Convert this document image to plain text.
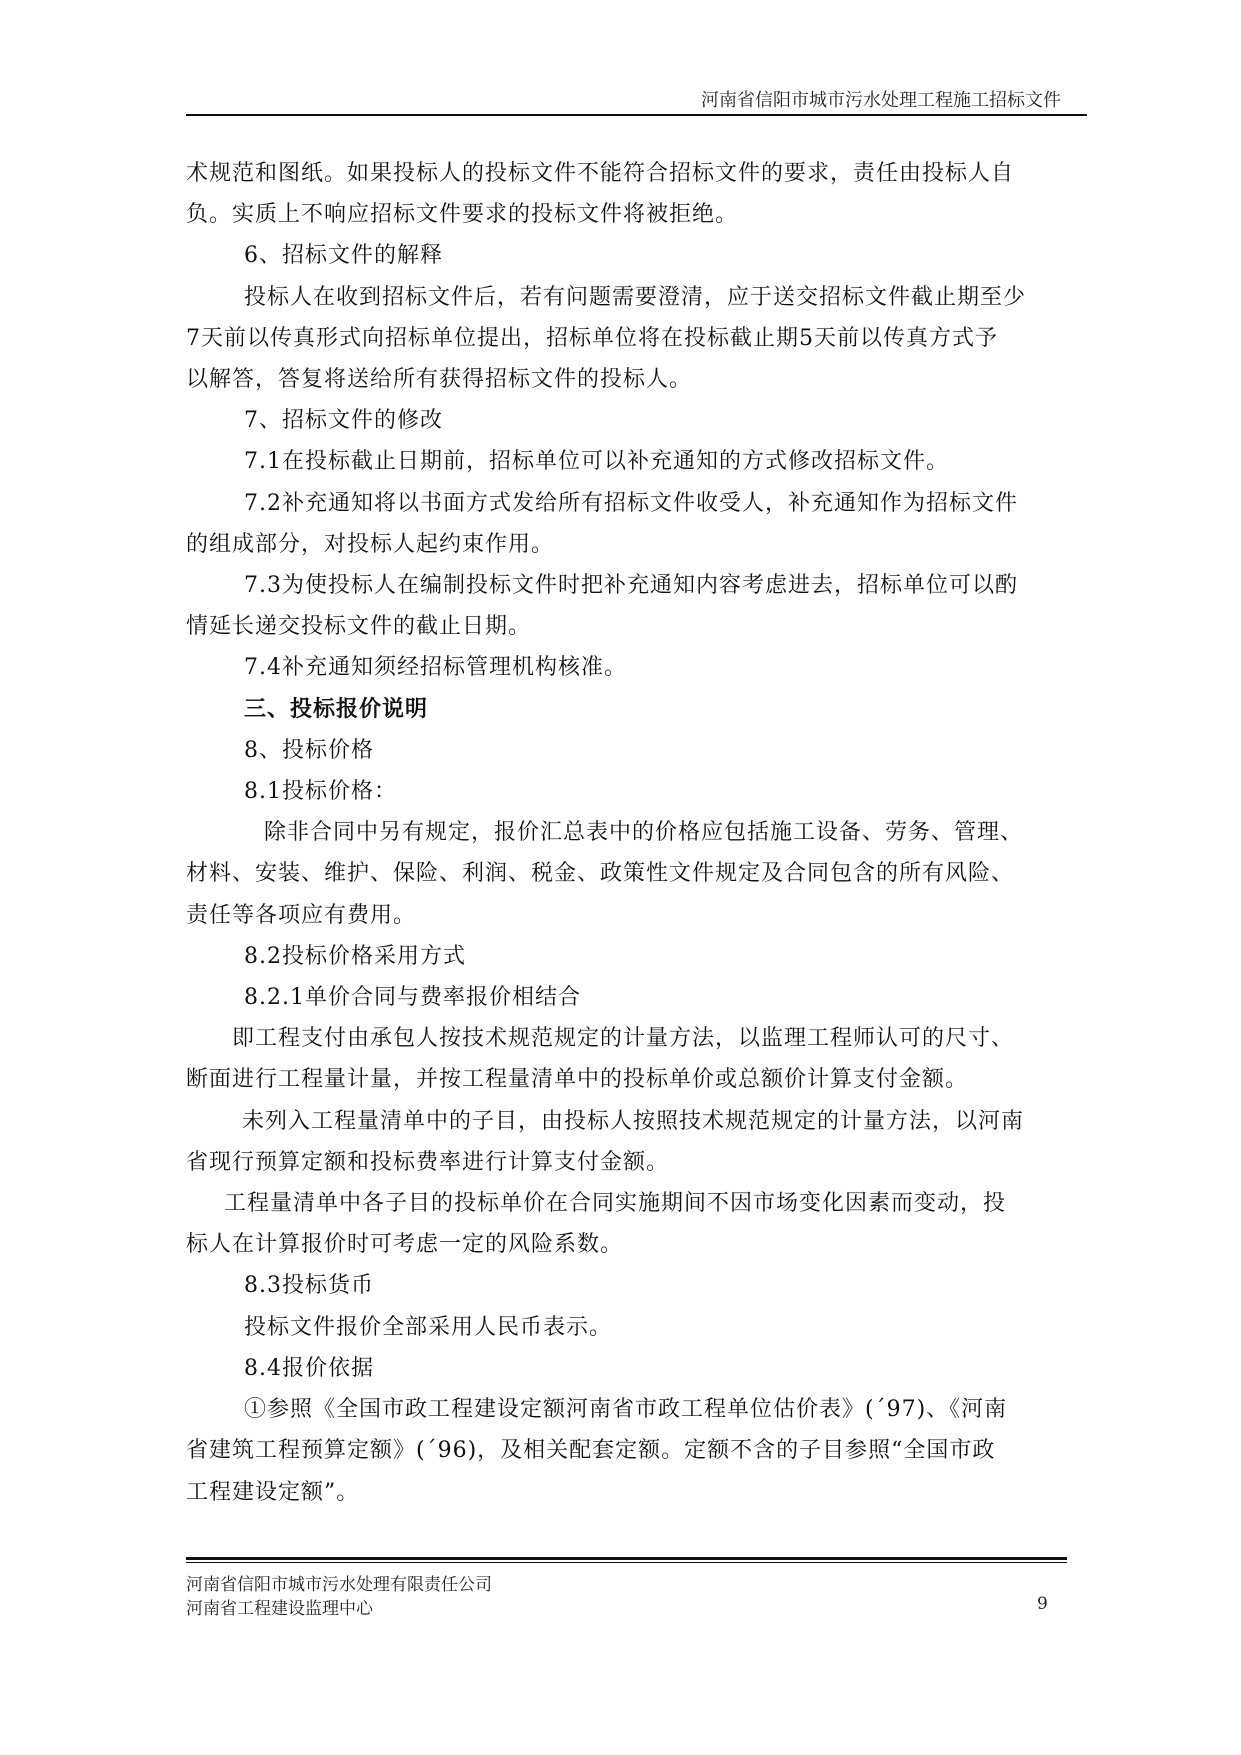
河南省信阳市城市污水处理工程施工招标文件

术规范和图纸。如果投标人的投标文件不能符合招标文件的要求，责任由投标人自

负。实质上不响应招标文件要求的投标文件将被拒绝。

6、招标文件的解释

投标人在收到招标文件后，若有问题需要澄清，应于送交招标文件截止期至少

7天前以传真形式向招标单位提出，招标单位将在投标截止期5天前以传真方式予

以解答，答复将送给所有获得招标文件的投标人。

7、招标文件的修改

7.1在投标截止日期前，招标单位可以补充通知的方式修改招标文件。

7.2补充通知将以书面方式发给所有招标文件收受人，补充通知作为招标文件

的组成部分，对投标人起约束作用。

7.3为使投标人在编制投标文件时把补充通知内容考虑进去，招标单位可以酌

情延长递交投标文件的截止日期。

7.4补充通知须经招标管理机构核准。

三、投标报价说明

8、投标价格

8.1投标价格：

除非合同中另有规定，报价汇总表中的价格应包括施工设备、劳务、管理、

材料、安装、维护、保险、利润、税金、政策性文件规定及合同包含的所有风险、

责任等各项应有费用。

8.2投标价格采用方式

8.2.1单价合同与费率报价相结合

即工程支付由承包人按技术规范规定的计量方法，以监理工程师认可的尺寸、

断面进行工程量计量，并按工程量清单中的投标单价或总额价计算支付金额。

未列入工程量清单中的子目，由投标人按照技术规范规定的计量方法，以河南

省现行预算定额和投标费率进行计算支付金额。

工程量清单中各子目的投标单价在合同实施期间不因市场变化因素而变动，投

标人在计算报价时可考虑一定的风险系数。

8.3投标货币

投标文件报价全部采用人民币表示。

8.4报价依据

①参照《全国市政工程建设定额河南省市政工程单位估价表》(´97)、《河南

省建筑工程预算定额》(´96)，及相关配套定额。定额不含的子目参照“全国市政

工程建设定额”。

河南省信阳市城市污水处理有限责任公司
河南省工程建设监理中心	9
